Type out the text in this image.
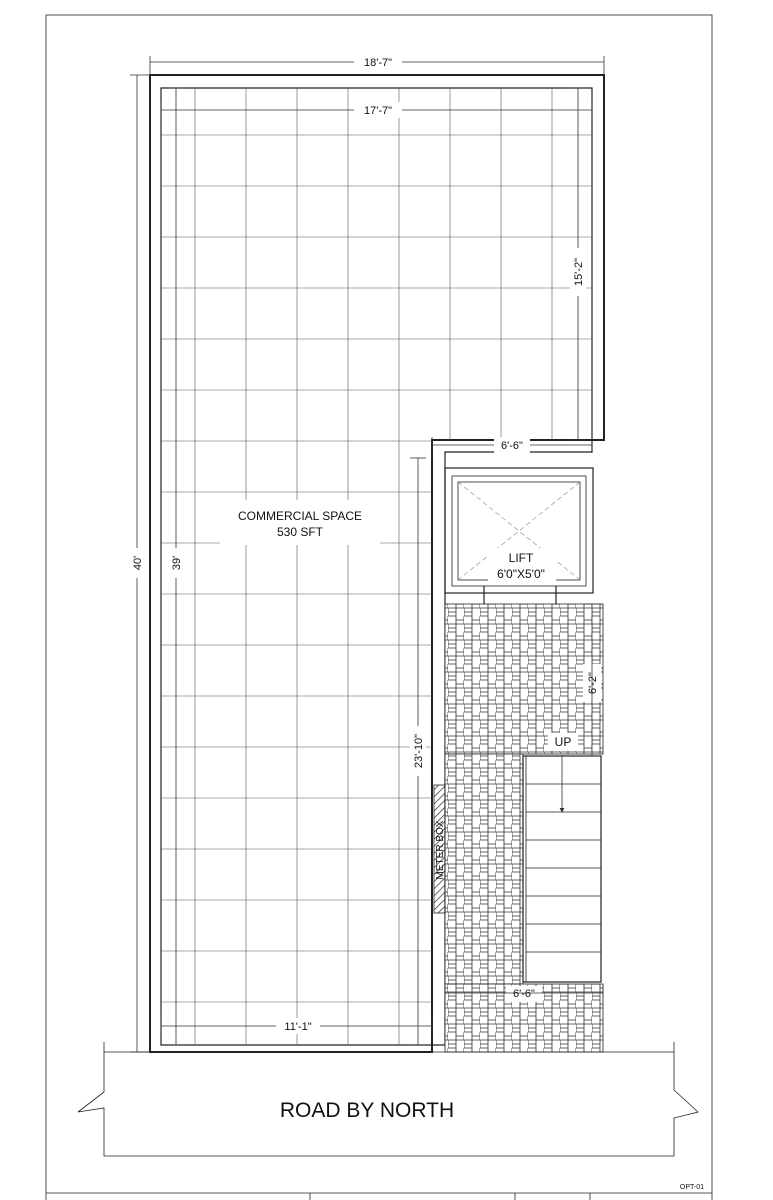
COMMERCIAL SPACE
530 SFT
LIFT
6'0"X5'0"
UP
METER BOX
ROAD BY NORTH
OPT-01
18'-7"
17'-7"
40' 39'
15'-2"
6'-6"
23'-10"
6'-2"
6'-6"
11'-1"
